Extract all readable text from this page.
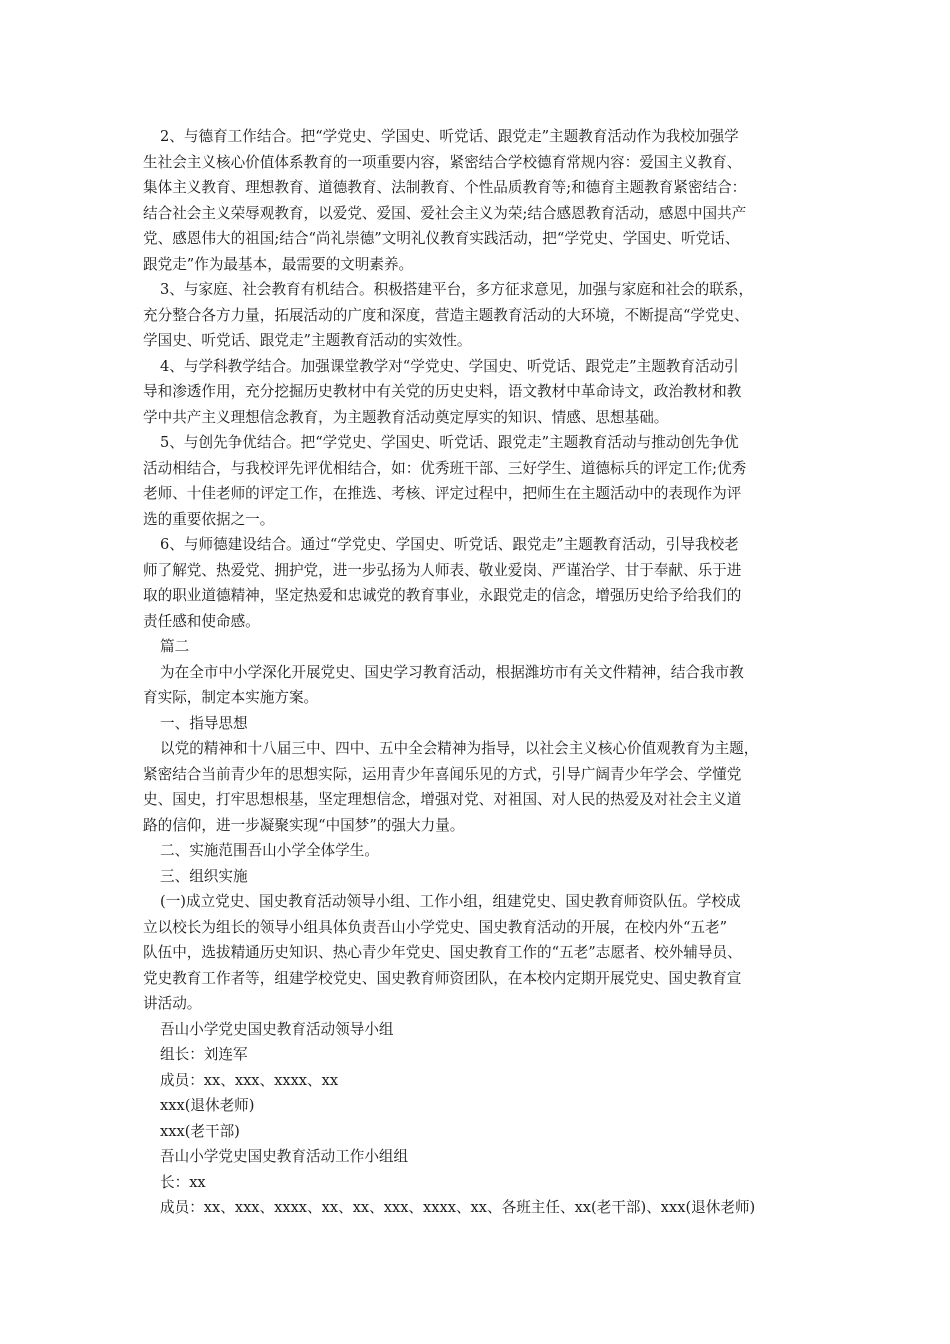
2、与德育工作结合。把“学党史、学国史、听党话、跟党走”主题教育活动作为我校加强学
生社会主义核心价值体系教育的一项重要内容，紧密结合学校德育常规内容：爱国主义教育、
集体主义教育、理想教育、道德教育、法制教育、个性品质教育等;和德育主题教育紧密结合：
结合社会主义荣辱观教育，以爱党、爱国、爱社会主义为荣;结合感恩教育活动，感恩中国共产
党、感恩伟大的祖国;结合“尚礼崇德”文明礼仪教育实践活动，把“学党史、学国史、听党话、
跟党走”作为最基本，最需要的文明素养。
3、与家庭、社会教育有机结合。积极搭建平台，多方征求意见，加强与家庭和社会的联系，
充分整合各方力量，拓展活动的广度和深度，营造主题教育活动的大环境，不断提高“学党史、
学国史、听党话、跟党走”主题教育活动的实效性。
4、与学科教学结合。加强课堂教学对“学党史、学国史、听党话、跟党走”主题教育活动引
导和渗透作用，充分挖掘历史教材中有关党的历史史料，语文教材中革命诗文，政治教材和教
学中共产主义理想信念教育，为主题教育活动奠定厚实的知识、情感、思想基础。
5、与创先争优结合。把“学党史、学国史、听党话、跟党走”主题教育活动与推动创先争优
活动相结合，与我校评先评优相结合，如：优秀班干部、三好学生、道德标兵的评定工作;优秀
老师、十佳老师的评定工作，在推选、考核、评定过程中，把师生在主题活动中的表现作为评
选的重要依据之一。
6、与师德建设结合。通过“学党史、学国史、听党话、跟党走”主题教育活动，引导我校老
师了解党、热爱党、拥护党，进一步弘扬为人师表、敬业爱岗、严谨治学、甘于奉献、乐于进
取的职业道德精神，坚定热爱和忠诚党的教育事业，永跟党走的信念，增强历史给予给我们的
责任感和使命感。
篇二
为在全市中小学深化开展党史、国史学习教育活动，根据潍坊市有关文件精神，结合我市教
育实际，制定本实施方案。
一、指导思想
以党的精神和十八届三中、四中、五中全会精神为指导，以社会主义核心价值观教育为主题，
紧密结合当前青少年的思想实际，运用青少年喜闻乐见的方式，引导广阔青少年学会、学懂党
史、国史，打牢思想根基，坚定理想信念，增强对党、对祖国、对人民的热爱及对社会主义道
路的信仰，进一步凝聚实现“中国梦”的强大力量。
二、实施范围吾山小学全体学生。
三、组织实施
(一)成立党史、国史教育活动领导小组、工作小组，组建党史、国史教育师资队伍。学校成
立以校长为组长的领导小组具体负责吾山小学党史、国史教育活动的开展，在校内外“五老”
队伍中，选拔精通历史知识、热心青少年党史、国史教育工作的“五老”志愿者、校外辅导员、
党史教育工作者等，组建学校党史、国史教育师资团队，在本校内定期开展党史、国史教育宣
讲活动。
吾山小学党史国史教育活动领导小组
组长：刘连军
成员：xx、xxx、xxxx、xx
xxx(退休老师)
xxx(老干部)
吾山小学党史国史教育活动工作小组组
长：xx
成员：xx、xxx、xxxx、xx、xx、xxx、xxxx、xx、各班主任、xx(老干部)、xxx(退休老师)
